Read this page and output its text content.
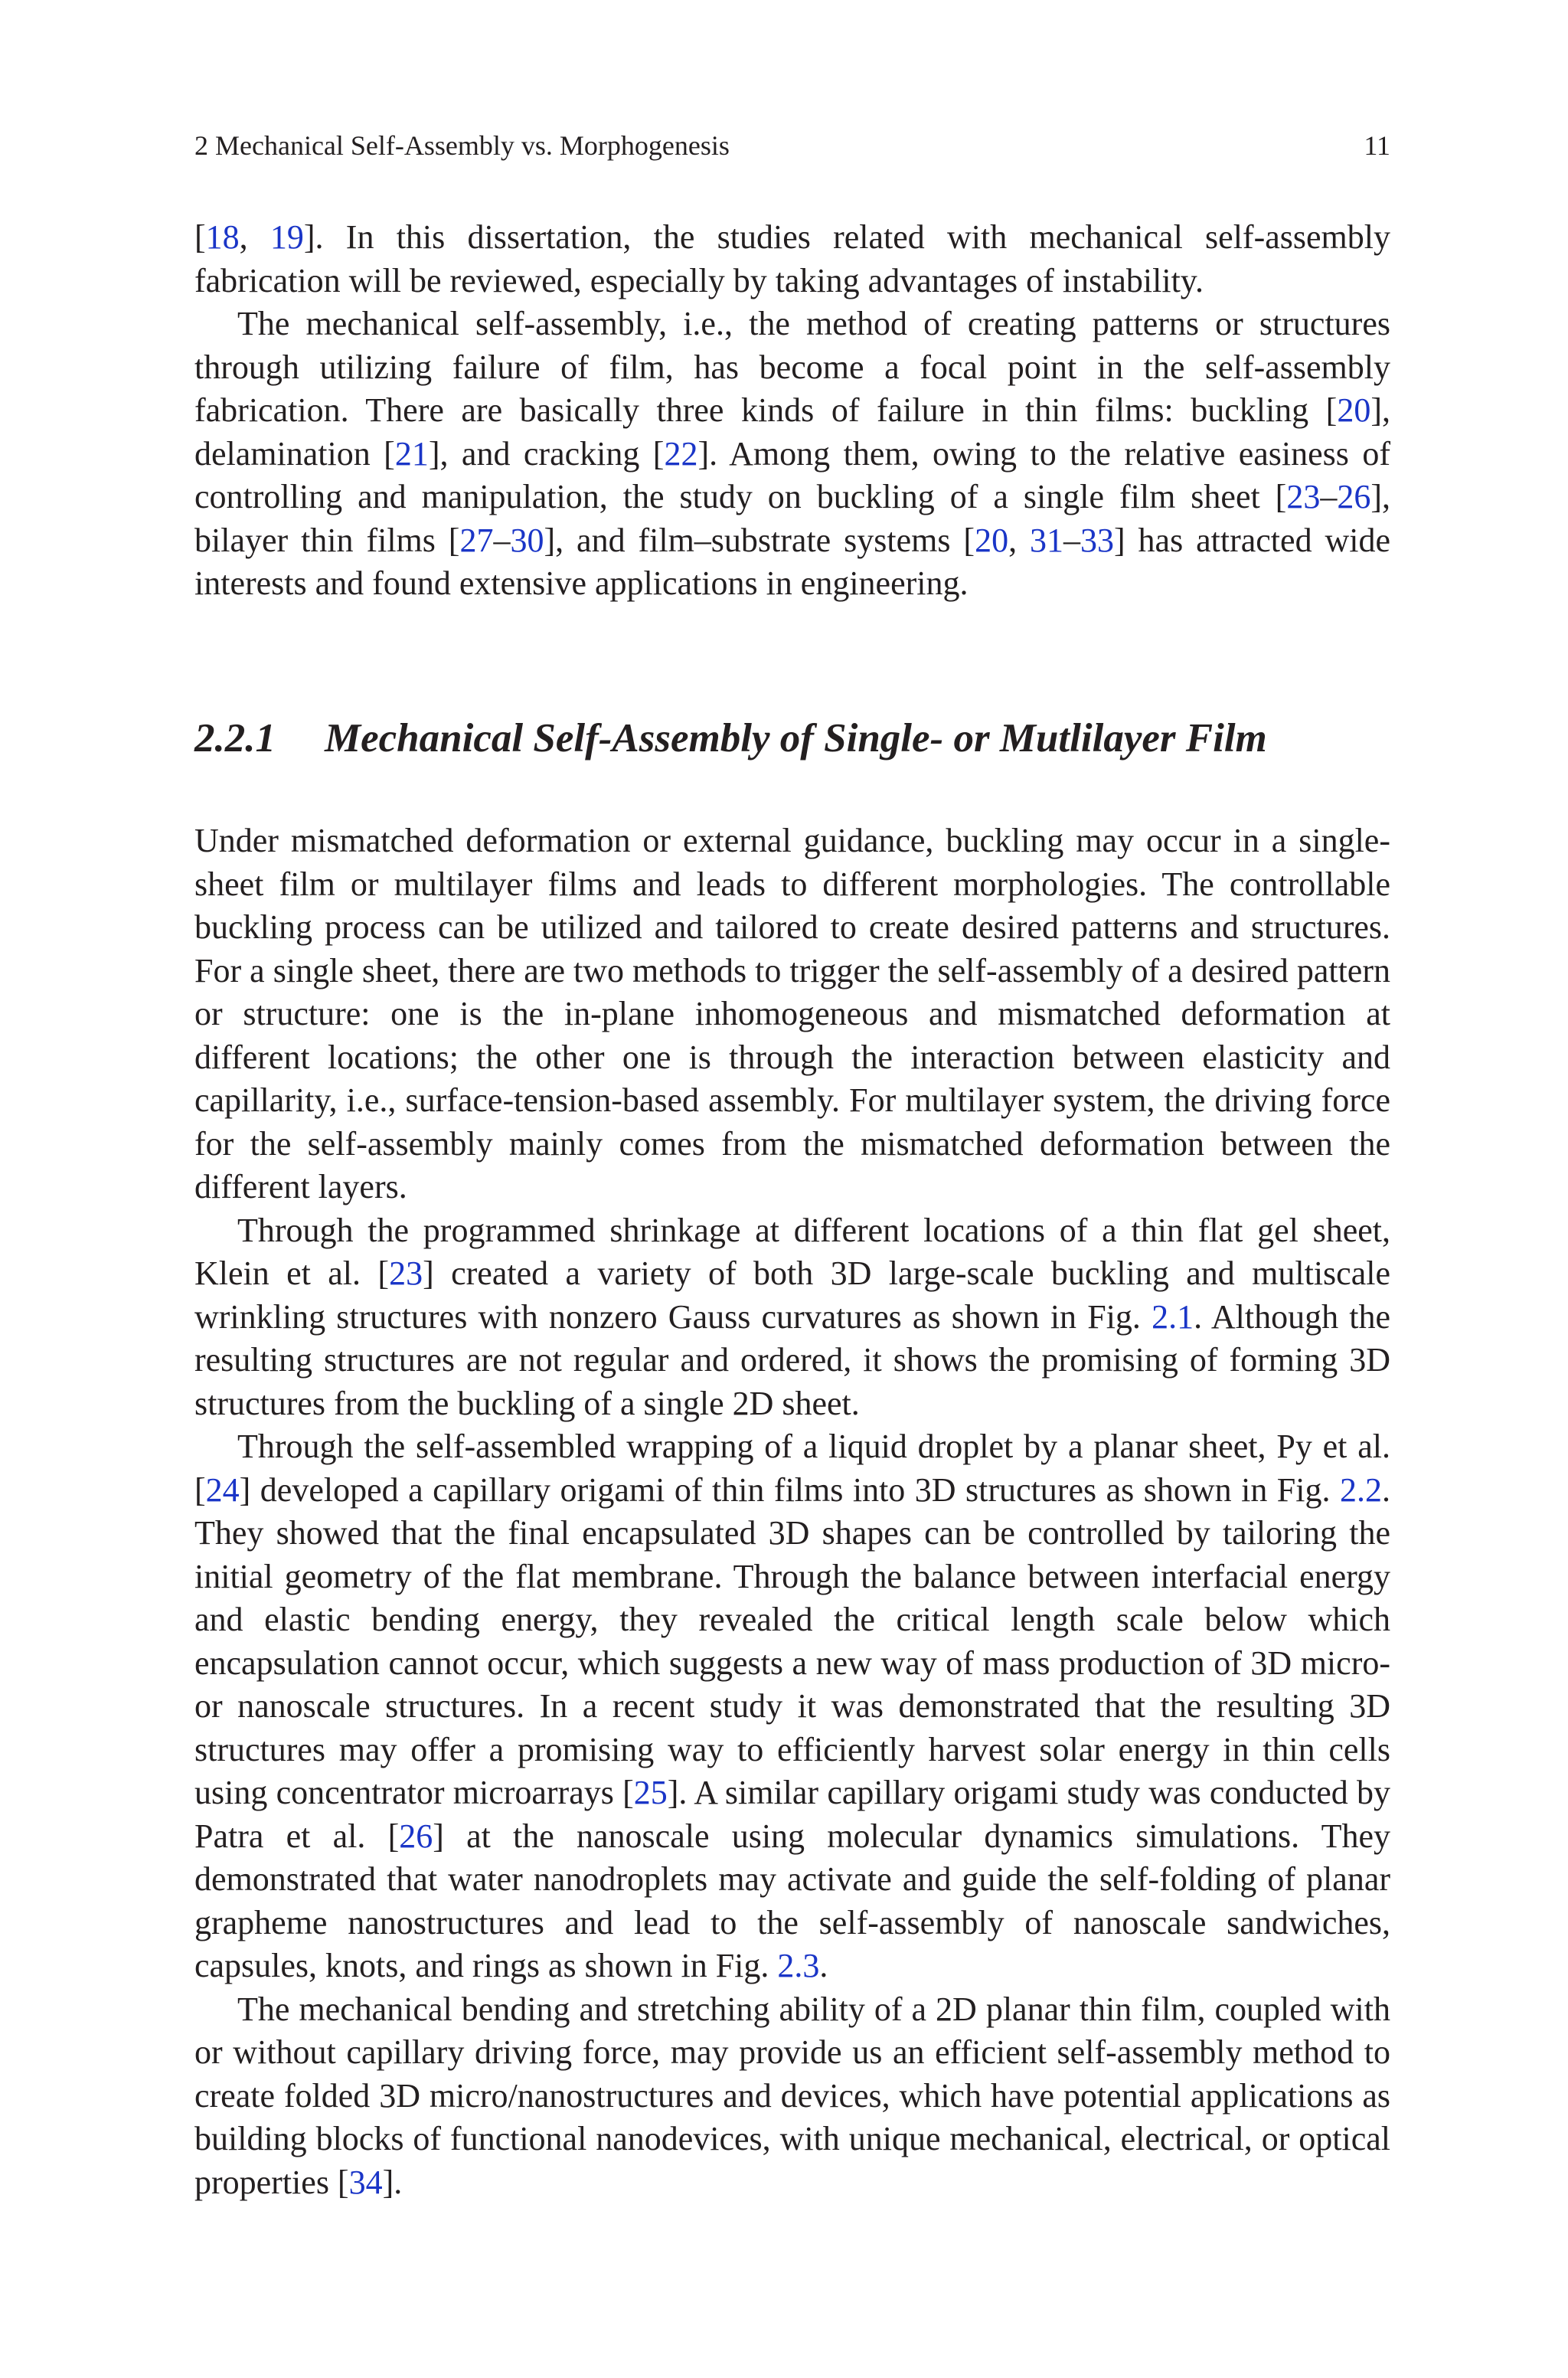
2 Mechanical Self-Assembly vs. Morphogenesis	11

[18, 19]. In this dissertation, the studies related with mechanical self-assembly fabrication will be reviewed, especially by taking advantages of instability.

The mechanical self-assembly, i.e., the method of creating patterns or structures through utilizing failure of film, has become a focal point in the self-assembly fabrication. There are basically three kinds of failure in thin films: buckling [20], delamination [21], and cracking [22]. Among them, owing to the relative easiness of controlling and manipulation, the study on buckling of a single film sheet [23–26], bilayer thin films [27–30], and film–substrate systems [20, 31–33] has attracted wide interests and found extensive applications in engineering.

2.2.1 Mechanical Self-Assembly of Single- or Mutlilayer Film

Under mismatched deformation or external guidance, buckling may occur in a single-sheet film or multilayer films and leads to different morphologies. The controllable buckling process can be utilized and tailored to create desired patterns and structures. For a single sheet, there are two methods to trigger the self-assembly of a desired pattern or structure: one is the in-plane inhomogeneous and mismatched deformation at different locations; the other one is through the interaction between elasticity and capillarity, i.e., surface-tension-based assembly. For multilayer system, the driving force for the self-assembly mainly comes from the mismatched deformation between the different layers.

Through the programmed shrinkage at different locations of a thin flat gel sheet, Klein et al. [23] created a variety of both 3D large-scale buckling and multiscale wrinkling structures with nonzero Gauss curvatures as shown in Fig. 2.1. Although the resulting structures are not regular and ordered, it shows the promising of forming 3D structures from the buckling of a single 2D sheet.

Through the self-assembled wrapping of a liquid droplet by a planar sheet, Py et al. [24] developed a capillary origami of thin films into 3D structures as shown in Fig. 2.2. They showed that the final encapsulated 3D shapes can be controlled by tailoring the initial geometry of the flat membrane. Through the balance between interfacial energy and elastic bending energy, they revealed the critical length scale below which encapsulation cannot occur, which suggests a new way of mass production of 3D micro- or nanoscale structures. In a recent study it was demonstrated that the resulting 3D structures may offer a promising way to efficiently harvest solar energy in thin cells using concentrator microarrays [25]. A similar capillary origami study was conducted by Patra et al. [26] at the nanoscale using molecular dynamics simulations. They demonstrated that water nanodroplets may activate and guide the self-folding of planar grapheme nanostructures and lead to the self-assembly of nanoscale sandwiches, capsules, knots, and rings as shown in Fig. 2.3.

The mechanical bending and stretching ability of a 2D planar thin film, coupled with or without capillary driving force, may provide us an efficient self-assembly method to create folded 3D micro/nanostructures and devices, which have potential applications as building blocks of functional nanodevices, with unique mechanical, electrical, or optical properties [34].
